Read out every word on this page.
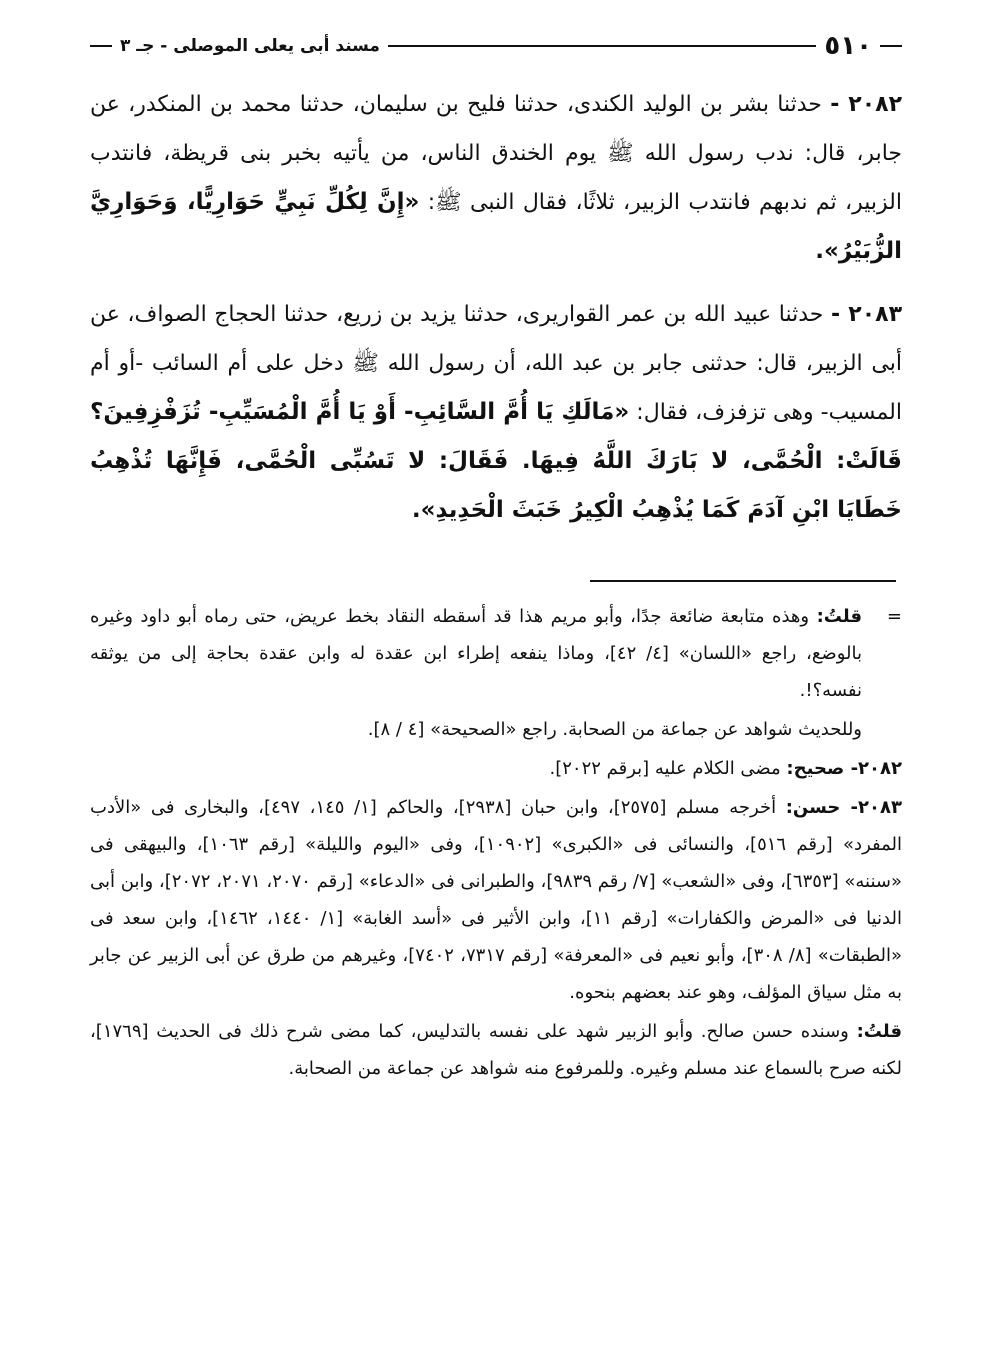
٥١٠
مسند أبى يعلى الموصلى - جـ ٣

٢٠٨٢ - حدثنا بشر بن الوليد الكندى، حدثنا فليح بن سليمان، حدثنا محمد بن المنكدر، عن جابر، قال: ندب رسول الله ﷺ يوم الخندق الناس، من يأتيه بخبر بنى قريظة، فانتدب الزبير، ثم ندبهم فانتدب الزبير، ثلاثًا، فقال النبى ﷺ: «إِنَّ لِكُلِّ نَبِيٍّ حَوَارِيًّا، وَحَوَارِيَّ الزُّبَيْرُ».

٢٠٨٣ - حدثنا عبيد الله بن عمر القواريرى، حدثنا يزيد بن زريع، حدثنا الحجاج الصواف، عن أبى الزبير، قال: حدثنى جابر بن عبد الله، أن رسول الله ﷺ دخل على أم السائب -أو أم المسيب- وهى تزفزف، فقال: «مَالَكِ يَا أُمَّ السَّائِبِ- أَوْ يَا أُمَّ الْمُسَيِّبِ- تُزَفْزِفِينَ؟ قَالَتْ: الْحُمَّى، لا بَارَكَ اللَّهُ فِيهَا. فَقَالَ: لا تَسُبِّى الْحُمَّى، فَإِنَّهَا تُذْهِبُ خَطَايَا ابْنِ آدَمَ كَمَا يُذْهِبُ الْكِيرُ خَبَثَ الْحَدِيدِ».

=
قلتُ: وهذه متابعة ضائعة جدًا، وأبو مريم هذا قد أسقطه النقاد بخط عريض، حتى رماه أبو داود وغيره بالوضع، راجع «اللسان» [٤/ ٤٢]، وماذا ينفعه إطراء ابن عقدة له وابن عقدة بحاجة إلى من يوثقه نفسه؟!.

وللحديث شواهد عن جماعة من الصحابة. راجع «الصحيحة» [٤ / ٨].

٢٠٨٢- صحيح: مضى الكلام عليه [برقم ٢٠٢٢].

٢٠٨٣- حسن: أخرجه مسلم [٢٥٧٥]، وابن حبان [٢٩٣٨]، والحاكم [١/ ١٤٥، ٤٩٧]، والبخارى فى «الأدب المفرد» [رقم ٥١٦]، والنسائى فى «الكبرى» [١٠٩٠٢]، وفى «اليوم والليلة» [رقم ١٠٦٣]، والبيهقى فى «سننه» [٦٣٥٣]، وفى «الشعب» [٧/ رقم ٩٨٣٩]، والطبرانى فى «الدعاء» [رقم ٢٠٧٠، ٢٠٧١، ٢٠٧٢]، وابن أبى الدنيا فى «المرض والكفارات» [رقم ١١]، وابن الأثير فى «أسد الغابة» [١/ ١٤٤٠، ١٤٦٢]، وابن سعد فى «الطبقات» [٨/ ٣٠٨]، وأبو نعيم فى «المعرفة» [رقم ٧٣١٧، ٧٤٠٢]، وغيرهم من طرق عن أبى الزبير عن جابر به مثل سياق المؤلف، وهو عند بعضهم بنحوه.

قلتُ: وسنده حسن صالح. وأبو الزبير شهد على نفسه بالتدليس، كما مضى شرح ذلك فى الحديث [١٧٦٩]، لكنه صرح بالسماع عند مسلم وغيره. وللمرفوع منه شواهد عن جماعة من الصحابة.
